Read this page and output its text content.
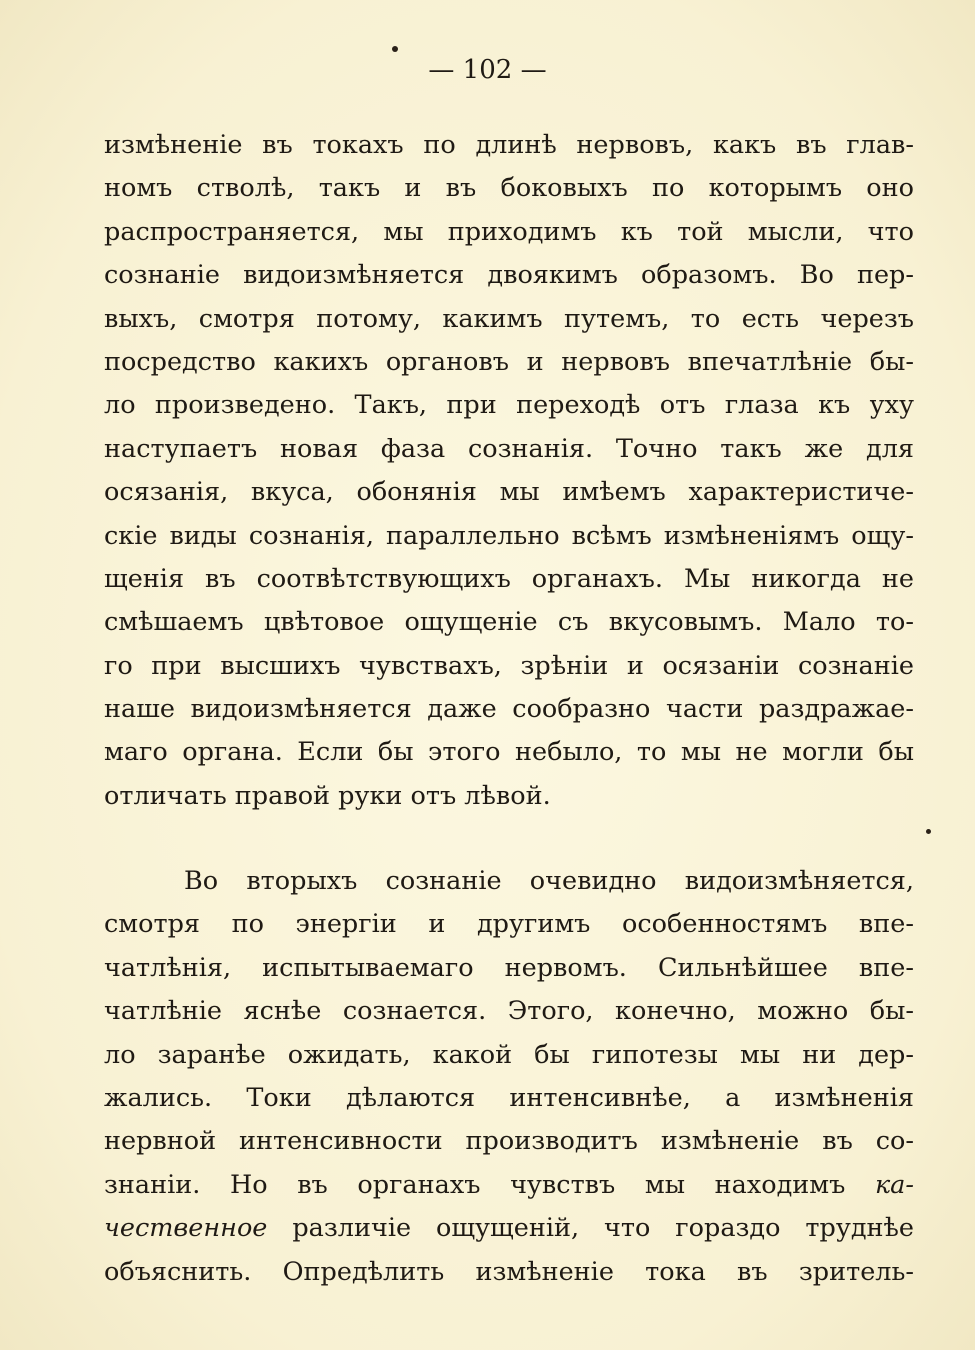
— 102 —

измѣненіе въ токахъ по длинѣ нервовъ, какъ въ глав-
номъ стволѣ, такъ и въ боковыхъ по которымъ оно
распространяется, мы приходимъ къ той мысли, что
сознаніе видоизмѣняется двоякимъ образомъ. Во пер-
выхъ, смотря потому, какимъ путемъ, то есть черезъ
посредство какихъ органовъ и нервовъ впечатлѣніе бы-
ло произведено. Такъ, при переходѣ отъ глаза къ уху
наступаетъ новая фаза сознанія. Точно такъ же для
осязанія, вкуса, обонянія мы имѣемъ характеристиче-
скіе виды сознанія, параллельно всѣмъ измѣненіямъ ощу-
щенія въ соотвѣтствующихъ органахъ. Мы никогда не
смѣшаемъ цвѣтовое ощущеніе съ вкусовымъ. Мало то-
го при высшихъ чувствахъ, зрѣніи и осязаніи сознаніе
наше видоизмѣняется даже сообразно части раздражае-
маго органа. Если бы этого небыло, то мы не могли бы
отличать правой руки отъ лѣвой.

Во вторыхъ сознаніе очевидно видоизмѣняется,
смотря по энергіи и другимъ особенностямъ впе-
чатлѣнія, испытываемаго нервомъ. Сильнѣйшее впе-
чатлѣніе яснѣе сознается. Этого, конечно, можно бы-
ло заранѣе ожидать, какой бы гипотезы мы ни дер-
жались. Токи дѣлаются интенсивнѣе, а измѣненія
нервной интенсивности производитъ измѣненіе въ со-
знаніи. Но въ органахъ чувствъ мы находимъ ка-
чественное различіе ощущеній, что гораздо труднѣе
объяснить. Опредѣлить измѣненіе тока въ зритель-
